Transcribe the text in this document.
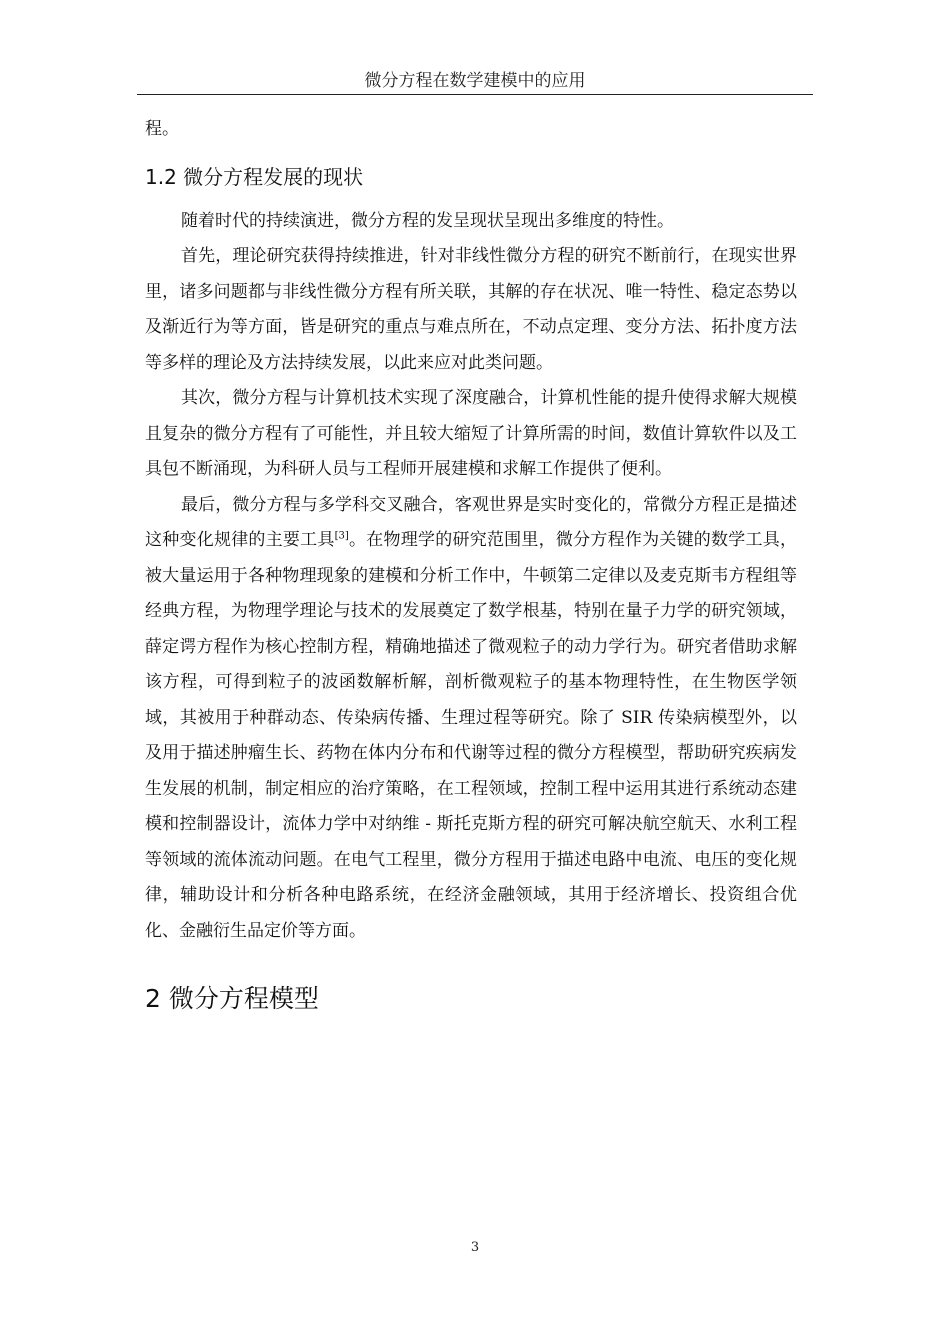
微分方程在数学建模中的应用

程。

1.2 微分方程发展的现状

随着时代的持续演进，微分方程的发呈现状呈现出多维度的特性。

首先，理论研究获得持续推进，针对非线性微分方程的研究不断前行，在现实世界里，诸多问题都与非线性微分方程有所关联，其解的存在状况、唯一特性、稳定态势以及渐近行为等方面，皆是研究的重点与难点所在，不动点定理、变分方法、拓扑度方法等多样的理论及方法持续发展，以此来应对此类问题。

其次，微分方程与计算机技术实现了深度融合，计算机性能的提升使得求解大规模且复杂的微分方程有了可能性，并且较大缩短了计算所需的时间，数值计算软件以及工具包不断涌现，为科研人员与工程师开展建模和求解工作提供了便利。

最后，微分方程与多学科交叉融合，客观世界是实时变化的，常微分方程正是描述这种变化规律的主要工具[3]。在物理学的研究范围里，微分方程作为关键的数学工具，被大量运用于各种物理现象的建模和分析工作中，牛顿第二定律以及麦克斯韦方程组等经典方程，为物理学理论与技术的发展奠定了数学根基，特别在量子力学的研究领域，薛定谔方程作为核心控制方程，精确地描述了微观粒子的动力学行为。研究者借助求解该方程，可得到粒子的波函数解析解，剖析微观粒子的基本物理特性，在生物医学领域，其被用于种群动态、传染病传播、生理过程等研究。除了 SIR 传染病模型外，以及用于描述肿瘤生长、药物在体内分布和代谢等过程的微分方程模型，帮助研究疾病发生发展的机制，制定相应的治疗策略，在工程领域，控制工程中运用其进行系统动态建模和控制器设计，流体力学中对纳维 - 斯托克斯方程的研究可解决航空航天、水利工程等领域的流体流动问题。在电气工程里，微分方程用于描述电路中电流、电压的变化规律，辅助设计和分析各种电路系统，在经济金融领域，其用于经济增长、投资组合优化、金融衍生品定价等方面。

2 微分方程模型
3
